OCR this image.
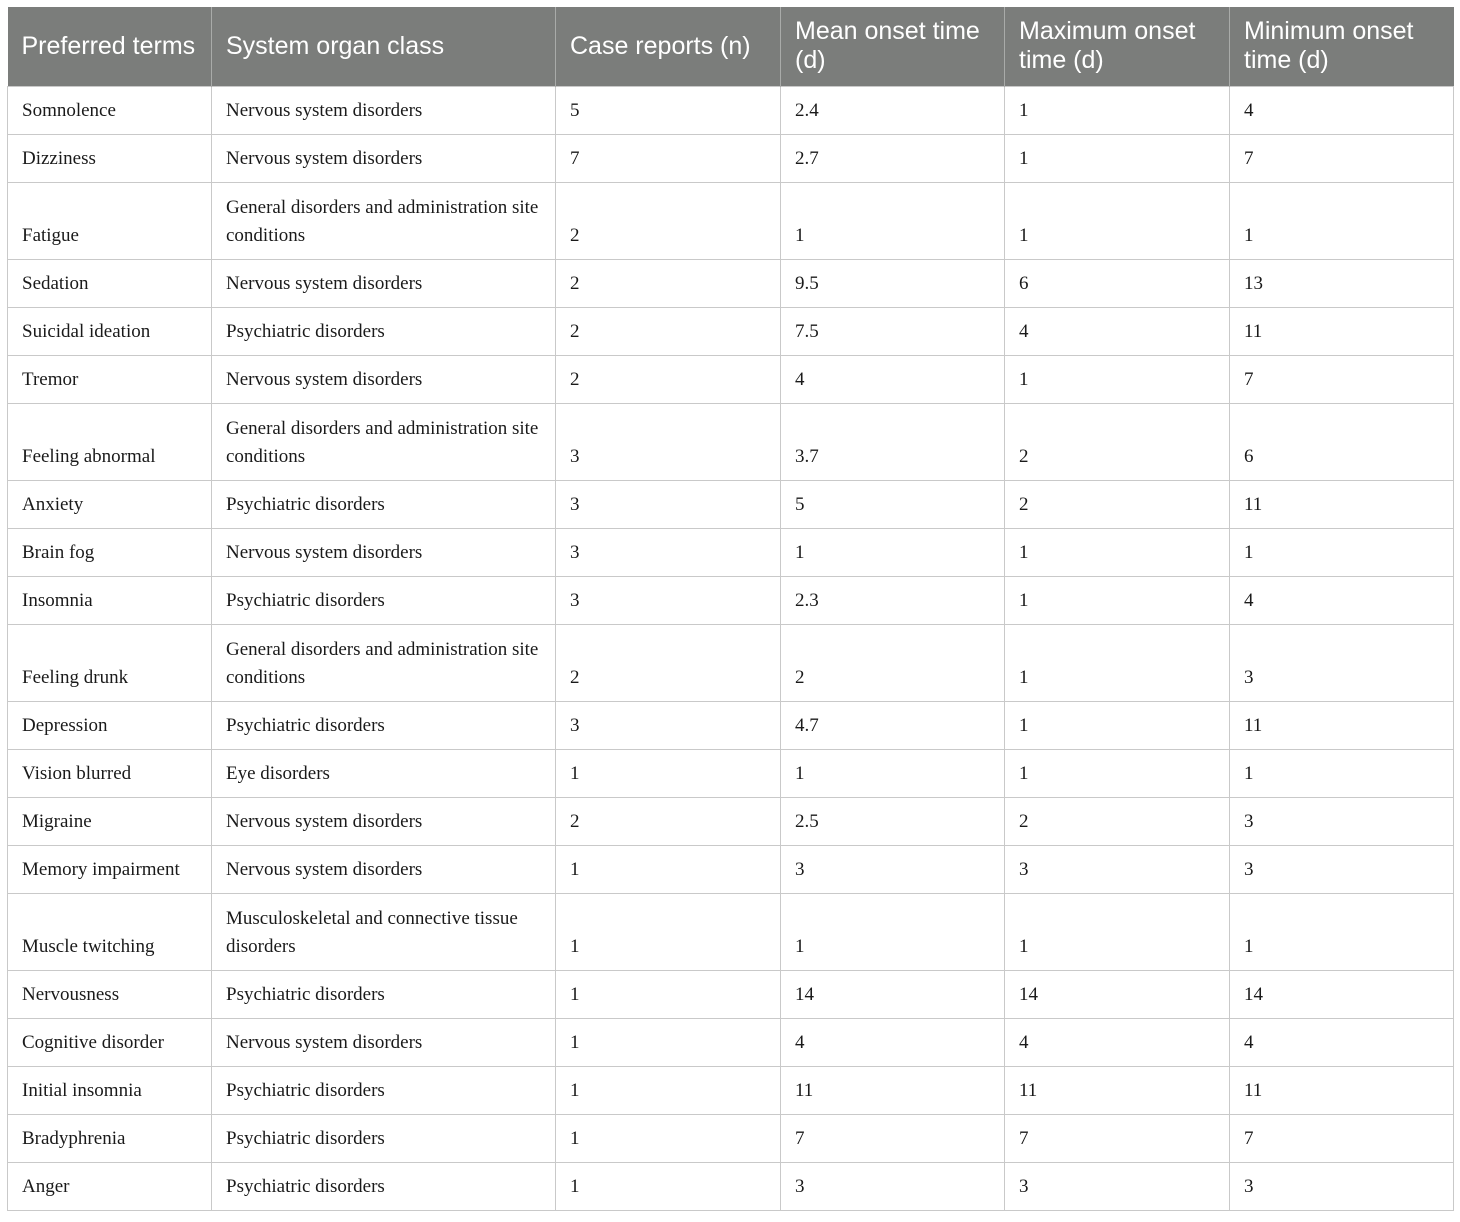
Preferred terms	System organ class	Case reports (n)	Mean onset time (d)	Maximum onset time (d)	Minimum onset time (d)
Somnolence	Nervous system disorders	5	2.4	1	4
Dizziness	Nervous system disorders	7	2.7	1	7
Fatigue	General disorders and administration site conditions	2	1	1	1
Sedation	Nervous system disorders	2	9.5	6	13
Suicidal ideation	Psychiatric disorders	2	7.5	4	11
Tremor	Nervous system disorders	2	4	1	7
Feeling abnormal	General disorders and administration site conditions	3	3.7	2	6
Anxiety	Psychiatric disorders	3	5	2	11
Brain fog	Nervous system disorders	3	1	1	1
Insomnia	Psychiatric disorders	3	2.3	1	4
Feeling drunk	General disorders and administration site conditions	2	2	1	3
Depression	Psychiatric disorders	3	4.7	1	11
Vision blurred	Eye disorders	1	1	1	1
Migraine	Nervous system disorders	2	2.5	2	3
Memory impairment	Nervous system disorders	1	3	3	3
Muscle twitching	Musculoskeletal and connective tissue disorders	1	1	1	1
Nervousness	Psychiatric disorders	1	14	14	14
Cognitive disorder	Nervous system disorders	1	4	4	4
Initial insomnia	Psychiatric disorders	1	11	11	11
Bradyphrenia	Psychiatric disorders	1	7	7	7
Anger	Psychiatric disorders	1	3	3	3
